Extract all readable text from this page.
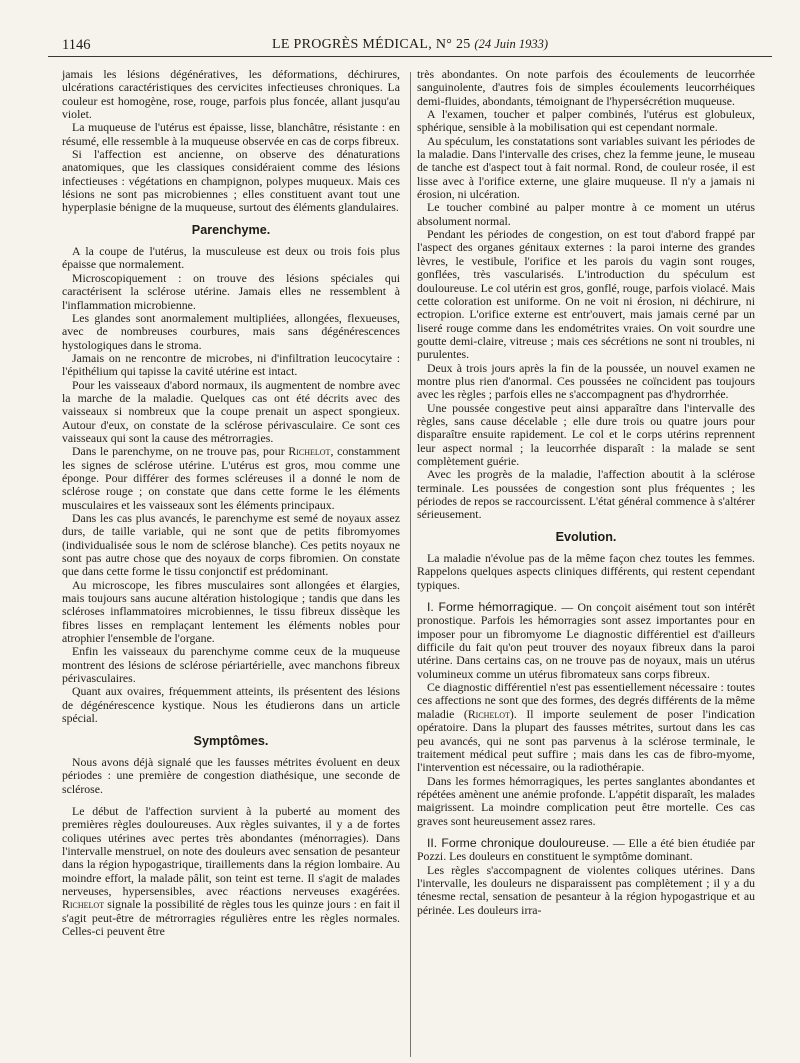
1146	LE PROGRÈS MÉDICAL, N° 25 (24 Juin 1933)

jamais les lésions dégénératives, les déformations, déchirures, ulcérations caractéristiques des cervicites infectieuses chroniques. La couleur est homogène, rose, rouge, parfois plus foncée, allant jusqu'au violet.

La muqueuse de l'utérus est épaisse, lisse, blanchâtre, résistante : en résumé, elle ressemble à la muqueuse observée en cas de corps fibreux.

Si l'affection est ancienne, on observe des dénaturations anatomiques, que les classiques considéraient comme des lésions infectieuses : végétations en champignon, polypes muqueux. Mais ces lésions ne sont pas microbiennes ; elles constituent avant tout une hyperplasie bénigne de la muqueuse, surtout des éléments glandulaires.

Parenchyme.

A la coupe de l'utérus, la musculeuse est deux ou trois fois plus épaisse que normalement.

Microscopiquement : on trouve des lésions spéciales qui caractérisent la sclérose utérine. Jamais elles ne ressemblent à l'inflammation microbienne.

Les glandes sont anormalement multipliées, allongées, flexueuses, avec de nombreuses courbures, mais sans dégénérescences hystologiques dans le stroma.

Jamais on ne rencontre de microbes, ni d'infiltration leucocytaire : l'épithélium qui tapisse la cavité utérine est intact.

Pour les vaisseaux d'abord normaux, ils augmentent de nombre avec la marche de la maladie. Quelques cas ont été décrits avec des vaisseaux si nombreux que la coupe prenait un aspect spongieux. Autour d'eux, on constate de la sclérose périvasculaire. Ce sont ces vaisseaux qui sont la cause des métrorragies.

Dans le parenchyme, on ne trouve pas, pour Richelot, constamment les signes de sclérose utérine. L'utérus est gros, mou comme une éponge. Pour différer des formes scléreuses il a donné le nom de sclérose rouge ; on constate que dans cette forme le les éléments musculaires et les vaisseaux sont les éléments principaux.

Dans les cas plus avancés, le parenchyme est semé de noyaux assez durs, de taille variable, qui ne sont que de petits fibromyomes (individualisée sous le nom de sclérose blanche). Ces petits noyaux ne sont pas autre chose que des noyaux de corps fibromien. On constate que dans cette forme le tissu conjonctif est prédominant.

Au microscope, les fibres musculaires sont allongées et élargies, mais toujours sans aucune altération histologique ; tandis que dans les scléroses inflammatoires microbiennes, le tissu fibreux dissèque les fibres lisses en remplaçant lentement les éléments nobles pour atrophier l'ensemble de l'organe.

Enfin les vaisseaux du parenchyme comme ceux de la muqueuse montrent des lésions de sclérose périartérielle, avec manchons fibreux périvasculaires.

Quant aux ovaires, fréquemment atteints, ils présentent des lésions de dégénérescence kystique. Nous les étudierons dans un article spécial.

Symptômes.

Nous avons déjà signalé que les fausses métrites évoluent en deux périodes : une première de congestion diathésique, une seconde de sclérose.

Le début de l'affection survient à la puberté au moment des premières règles douloureuses. Aux règles suivantes, il y a de fortes coliques utérines avec pertes très abondantes (ménorragies). Dans l'intervalle menstruel, on note des douleurs avec sensation de pesanteur dans la région hypogastrique, tiraillements dans la région lombaire. Au moindre effort, la malade pâlit, son teint est terne. Il s'agit de malades nerveuses, hypersensibles, avec réactions nerveuses exagérées. Richelot signale la possibilité de règles tous les quinze jours : en fait il s'agit peut-être de métrorragies régulières entre les règles normales. Celles-ci peuvent être

très abondantes. On note parfois des écoulements de leucorrhée sanguinolente, d'autres fois de simples écoulements leucorrhéiques demi-fluides, abondants, témoignant de l'hypersécrétion muqueuse.

A l'examen, toucher et palper combinés, l'utérus est globuleux, sphérique, sensible à la mobilisation qui est cependant normale.

Au spéculum, les constatations sont variables suivant les périodes de la maladie. Dans l'intervalle des crises, chez la femme jeune, le museau de tanche est d'aspect tout à fait normal. Rond, de couleur rosée, il est lisse avec à l'orifice externe, une glaire muqueuse. Il n'y a jamais ni érosion, ni ulcération.

Le toucher combiné au palper montre à ce moment un utérus absolument normal.

Pendant les périodes de congestion, on est tout d'abord frappé par l'aspect des organes génitaux externes : la paroi interne des grandes lèvres, le vestibule, l'orifice et les parois du vagin sont rouges, gonflées, très vascularisés. L'introduction du spéculum est douloureuse. Le col utérin est gros, gonflé, rouge, parfois violacé. Mais cette coloration est uniforme. On ne voit ni érosion, ni déchirure, ni ectropion. L'orifice externe est entr'ouvert, mais jamais cerné par un liseré rouge comme dans les endométrites vraies. On voit sourdre une goutte demi-claire, vitreuse ; mais ces sécrétions ne sont ni troubles, ni purulentes.

Deux à trois jours après la fin de la poussée, un nouvel examen ne montre plus rien d'anormal. Ces poussées ne coïncident pas toujours avec les règles ; parfois elles ne s'accompagnent pas d'hydrorrhée.

Une poussée congestive peut ainsi apparaître dans l'intervalle des règles, sans cause décelable ; elle dure trois ou quatre jours pour disparaître ensuite rapidement. Le col et le corps utérins reprennent leur aspect normal ; la leucorrhée disparaît : la malade se sent complètement guérie.

Avec les progrès de la maladie, l'affection aboutit à la sclérose terminale. Les poussées de congestion sont plus fréquentes ; les périodes de repos se raccourcissent. L'état général commence à s'altérer sérieusement.

Evolution.

La maladie n'évolue pas de la même façon chez toutes les femmes. Rappelons quelques aspects cliniques différents, qui restent cependant typiques.

I. Forme hémorragique. — On conçoit aisément tout son intérêt pronostique. Parfois les hémorragies sont assez importantes pour en imposer pour un fibromyome Le diagnostic différentiel est d'ailleurs difficile du fait qu'on peut trouver des noyaux fibreux dans la paroi utérine. Dans certains cas, on ne trouve pas de noyaux, mais un utérus volumineux comme un utérus fibromateux sans corps fibreux.

Ce diagnostic différentiel n'est pas essentiellement nécessaire : toutes ces affections ne sont que des formes, des degrés différents de la même maladie (Richelot). Il importe seulement de poser l'indication opératoire. Dans la plupart des fausses métrites, surtout dans les cas peu avancés, qui ne sont pas parvenus à la sclérose terminale, le traitement médical peut suffire ; mais dans les cas de fibro-myome, l'intervention est nécessaire, ou la radiothérapie.

Dans les formes hémorragiques, les pertes sanglantes abondantes et répétées amènent une anémie profonde. L'appétit disparaît, les malades maigrissent. La moindre complication peut être mortelle. Ces cas graves sont heureusement assez rares.

II. Forme chronique douloureuse. — Elle a été bien étudiée par Pozzi. Les douleurs en constituent le symptôme dominant.

Les règles s'accompagnent de violentes coliques utérines. Dans l'intervalle, les douleurs ne disparaissent pas complètement ; il y a du ténesme rectal, sensation de pesanteur à la région hypogastrique et au périnée. Les douleurs irra-
